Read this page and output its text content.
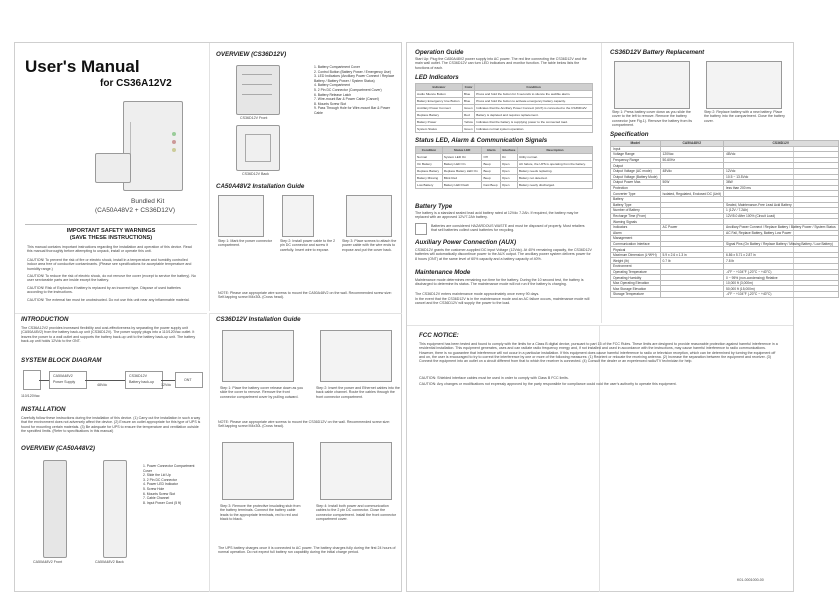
User's Manual
for CS36A12V2
Bundled Kit
(CA50A48V2 + CS36D12V)
IMPORTANT SAFETY WARNINGS
(SAVE THESE INSTRUCTIONS)
This manual contains important instructions regarding the installation and operation of this device. Read this manual thoroughly before attempting to unpack, install or operate this unit.
CAUTION! To prevent the risk of fire or electric shock, install in a temperature and humidity controlled indoor area free of conductive contaminants. (Please see specifications for acceptable temperature and humidity range.)
CAUTION! To reduce the risk of electric shock, do not remove the cover (except to service the battery). No user serviceable parts are inside except the battery.
CAUTION! Risk of Explosion if battery is replaced by an incorrect type. Dispose of used batteries according to the instructions.
CAUTION! The external fan must be unobstructed. Do not use this unit near any inflammable material.
OVERVIEW (CS36D12V)
CS36D12V Front
CS36D12V Back
1. Battery Compartment Cover
2. Control Button (Battery Power / Emergency Use)
3. LED Indicators (Ancillary Power Connect / Replace Battery / Battery Power / System Status)
4. Battery Compartment
5. 2 Pin DC Connector (Compartment Cover)
6. Battery Release Latch
7. Wire-mount Bar & Power Cable (Cancel)
8. Mounts Screw Slot
9. Pass Through Hole for Wire-mount Bar & Power Cable
CA50A48V2 Installation Guide
Step 1: Mark the power connector compartment.
Step 2: Install power cable to the 2 pin DC connector and screw it carefully. Insert wire to expose.
Step 3: Place screws to attach the power cable with the wire ends to expose and put the cover back.
NOTE: Please use appropriate wire screws to mount the CA50A48V2 on the wall. Recommended screw size: Self-tapping screw M4x30L (Cross head).
INTRODUCTION
The CS36A12V2 provides increased flexibility and cost-effectiveness by separating the power supply unit (CA50A48V2) from the battery back-up unit (CS36D12V). The power supply plugs into a 110/120Vac outlet. It leaves the power to a wall outlet and supports the battery back-up unit to the battery back-up unit. The battery back-up unit holds 12Vdc to the ONT.
SYSTEM BLOCK DIAGRAM
110/120Vac
CA50A48V2
Power Supply
48Vdc
CS36D12V
Battery back-up
12Vdc
ONT
INSTALLATION
Carefully follow these instructions during the installation of this device. (1) Carry out the installation in such a way that the environment does not adversely affect the device. (2) Ensure an outlet appropriate for this type of UPS is found for mounting certain materials. (3) Be adequate for UPS to ensure the temperature and ventilation outside the specified limits. (Refer to specifications in this manual)
OVERVIEW (CA50A48V2)
CA50A48V2 Front	CA50A48V2 Back
1. Power Connector Compartment Cover
2. Slide the Lid Up
3. 2 Pin DC Connector
4. Power LED Indicator
5. Screw Hole
6. Mounts Screw Slot
7. Cable Channel
8. Input Power Cord (5 ft)
CS36D12V Installation Guide
Step 1: Place the battery cover release down as you slide the cover to remove. Remove the front connector compartment cover by pulling outward.
Step 2: Insert the power and Ethernet cables into the back cable channel. Route the cables through the front connector compartment.
NOTE: Please use appropriate wire screws to mount the CS36D12V on the wall. Recommended screw size: Self-tapping screw M4x30L (Cross head).
Step 3: Remove the protective insulating stub from the battery terminals. Connect the battery cable leads to the appropriate terminals, red to red and black to black.
Step 4: Install both power and communication cables to the 2 pin DC connector. Close the connector compartment. Install the front connector compartment cover.
The UPS battery charges once it is connected to AC power. The battery charges fully during the first 24 hours of normal operation. Do not expect full battery run capability during the initial charge period.
Operation Guide
Start Up: Plug the CA50A48V2 power supply into AC power. The red line connecting the CS36D12V and the main wall outlet. The CS36D12V can turn LED indicators and monitor function. The table below lists the functions of each.
LED Indicators
Indicator	Color	Condition
Audio Silence Button	Blue	Press and hold the button for 3 seconds to silence the audible alarm.
Battery Emergency Use Button	Blue	Press and hold the button to activate emergency battery capacity.
Ancillary Power Connect	Green	Indicates that the Ancillary Power Connect (AUX) is connected to the CS36D12V.
Replace Battery	Red	Battery is depleted and requires replacement.
Battery Power	Yellow	Indicates that the battery is supplying power to the connected load.
System Status	Green	Indicates normal system operation.
Status LED, Alarm & Communication Signals
Condition	Status LED	Alarm	Interface	Description
Normal	System LED On	Off	On	Utility normal.
On Battery	Battery LED On	Beep	Open	AC failure, the UPS is operating from the battery.
Replace Battery	Replace Battery LED On	Beep	Open	Battery needs replacing.
Battery Missing	Blink Red	Beep	Open	Battery not detected.
Low Battery	Battery LED Flash	Fast Beep	Open	Battery nearly discharged.
Battery Type
The battery is a standard sealed lead acid battery rated at 12Vdc 7.2Ah. If required, the battery may be replaced with an approved 12V/7.2Ah battery.
Batteries are considered HAZARDOUS WASTE and must be disposed of properly. Most retailers that sell batteries collect used batteries for recycling.
Auxiliary Power Connection (AUX)
CS36D12V grants the customer-supplied DC input Voltage (12Vdc). At 40% remaining capacity, the CS36D12V batteries will automatically discontinue power to the AUX output. The ancillary power system delivers power for 8 hours (ONT) at the same level of 60% capacity and a battery capacity of 40%.
Maintenance Mode
Maintenance mode determines remaining run time for the battery. During the 10 second test, the battery is discharged to determine its status. The maintenance mode will not run if the battery is charging.
The CS36D12V enters maintenance mode approximately once every 90 days.
In the event that the CS36D12V is in the maintenance mode and an AC failure occurs, maintenance mode will cancel and the CS36D12V will supply the power to the load.
CS36D12V Battery Replacement
Step 1: Press battery cover down as you slide the cover to the left to remove. Remove the battery connector (see Fig.1). Remove the battery from its compartment.
Step 2: Replace battery with a new battery. Place the battery into the compartment. Close the battery cover.
Specification
Model	CA50A48V2	CS36D12V
Input		
Voltage Range	120Vac	48Vdc
Frequency Range	50-60Hz	
Output		
Output Voltage (AC mode)	48Vdc	12Vdc
Output Voltage (Battery Mode)		10.5 ~ 13.5Vdc
Output Power Max.	50W	36W
Protection		less than 200 ms
Converter Type	Isolated, Regulated, Enclosed DC (Unit)	
Battery		
Battery Type		Sealed, Maintenance-Free Lead Acid Battery
Number of Battery		1 (12V / 7.2Ah)
Recharge Time (From)		12V/5.0 After 100% (Circuit Load)
Warning Signals		
Indicators	AC Power	Ancillary Power Connect / Replace Battery / Battery Power / System Status
Alarm		AC Fail, Replace Battery, Battery Low Power
Management		
Communication Interface		Signal Pins (On Battery / Replace Battery / Missing Battery / Low Battery)
Physical		
Maximum Dimension (L*W*H)	5.9 x 2.6 x 1.3 in	6.86 x 5.71 x 2.87 in
Weight (lb)	0.7 lb	7.8 lb
Environment		
Operating Temperature		-4°F ~ +104°F (-20°C ~ +40°C)
Operating Humidity		0 ~ 95% (non-condensing) Relative
Max Operating Elevation		10,000 ft (3,000m)
Max Storage Elevation		50,000 ft (15,000m)
Storage Temperature		-4°F ~ +104°F (-20°C ~ +40°C)
FCC NOTICE:
This equipment has been tested and found to comply with the limits for a Class B digital device, pursuant to part 15 of the FCC Rules. These limits are designed to provide reasonable protection against harmful interference in a residential installation. This equipment generates, uses and can radiate radio frequency energy and, if not installed and used in accordance with the instructions, may cause harmful interference to radio communications. However, there is no guarantee that interference will not occur in a particular installation. If this equipment does cause harmful interference to radio or television reception, which can be determined by turning the equipment off and on, the user is encouraged to try to correct the interference by one or more of the following measures: (1) Reorient or relocate the receiving antenna. (2) Increase the separation between the equipment and receiver. (3) Connect the equipment into an outlet on a circuit different from that to which the receiver is connected. (4) Consult the dealer or an experienced radio/TV technician for help.
CAUTION: Shielded interface cables must be used in order to comply with Class B FCC limits.
CAUTION: Any changes or modifications not expressly approved by the party responsible for compliance could void the user's authority to operate this equipment.
K01-0001000-00
